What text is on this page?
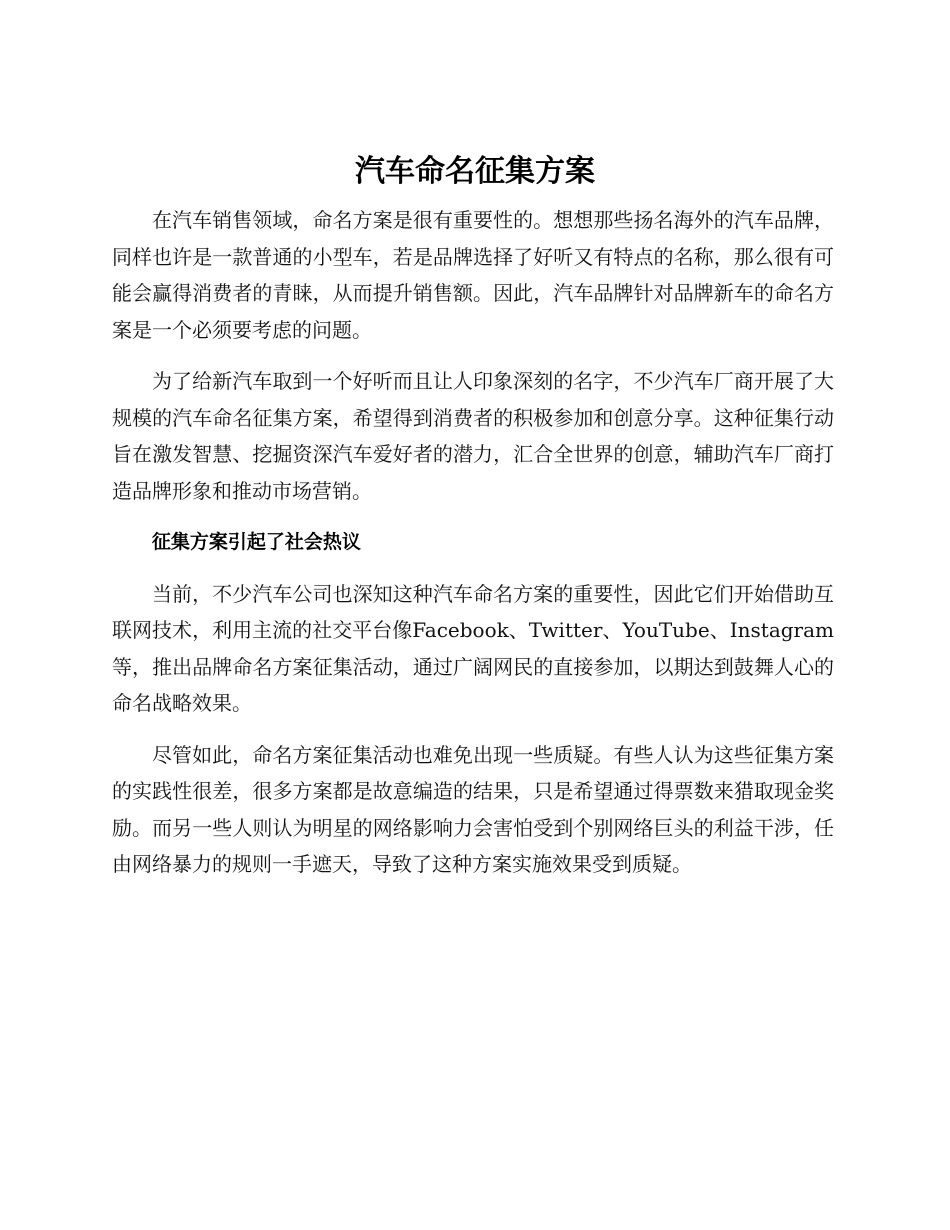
汽车命名征集方案

在汽车销售领域，命名方案是很有重要性的。想想那些扬名海外的汽车品牌，同样也许是一款普通的小型车，若是品牌选择了好听又有特点的名称，那么很有可能会赢得消费者的青睐，从而提升销售额。因此，汽车品牌针对品牌新车的命名方案是一个必须要考虑的问题。

为了给新汽车取到一个好听而且让人印象深刻的名字，不少汽车厂商开展了大规模的汽车命名征集方案，希望得到消费者的积极参加和创意分享。这种征集行动旨在激发智慧、挖掘资深汽车爱好者的潜力，汇合全世界的创意，辅助汽车厂商打造品牌形象和推动市场营销。

征集方案引起了社会热议

当前，不少汽车公司也深知这种汽车命名方案的重要性，因此它们开始借助互联网技术，利用主流的社交平台像Facebook、Twitter、YouTube、Instagram等，推出品牌命名方案征集活动，通过广阔网民的直接参加，以期达到鼓舞人心的命名战略效果。

尽管如此，命名方案征集活动也难免出现一些质疑。有些人认为这些征集方案的实践性很差，很多方案都是故意编造的结果，只是希望通过得票数来猎取现金奖励。而另一些人则认为明星的网络影响力会害怕受到个别网络巨头的利益干涉，任由网络暴力的规则一手遮天，导致了这种方案实施效果受到质疑。
